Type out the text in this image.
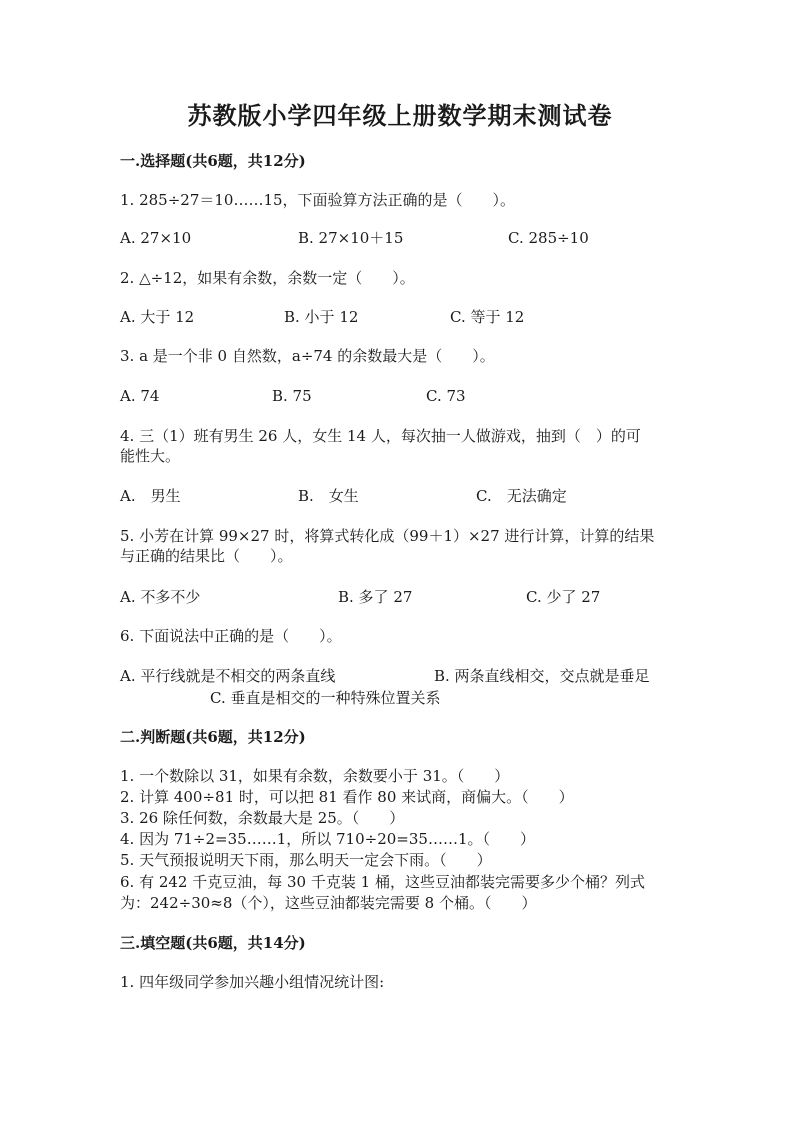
苏教版小学四年级上册数学期末测试卷
一.选择题(共6题，共12分)
1. 285÷27＝10……15，下面验算方法正确的是（　　）。
A. 27×10	B. 27×10＋15	C. 285÷10
2. △÷12，如果有余数，余数一定（　　）。
A. 大于 12	B. 小于 12	C. 等于 12
3. a 是一个非 0 自然数，a÷74 的余数最大是（　　）。
A. 74	B. 75	C. 73
4. 三（1）班有男生 26 人，女生 14 人，每次抽一人做游戏，抽到（　）的可
能性大。
A.　男生	B.　女生	C.　无法确定
5. 小芳在计算 99×27 时，将算式转化成（99＋1）×27 进行计算，计算的结果
与正确的结果比（　　）。
A. 不多不少	B. 多了 27	C. 少了 27
6. 下面说法中正确的是（　　）。
A. 平行线就是不相交的两条直线	B. 两条直线相交，交点就是垂足
C. 垂直是相交的一种特殊位置关系
二.判断题(共6题，共12分)
1. 一个数除以 31，如果有余数，余数要小于 31。（　　）
2. 计算 400÷81 时，可以把 81 看作 80 来试商，商偏大。（　　）
3. 26 除任何数，余数最大是 25。（　　）
4. 因为 71÷2=35……1，所以 710÷20=35……1。（　　）
5. 天气预报说明天下雨，那么明天一定会下雨。（　　）
6. 有 242 千克豆油，每 30 千克装 1 桶，这些豆油都装完需要多少个桶？列式
为：242÷30≈8（个），这些豆油都装完需要 8 个桶。（　　）
三.填空题(共6题，共14分)
1. 四年级同学参加兴趣小组情况统计图:
